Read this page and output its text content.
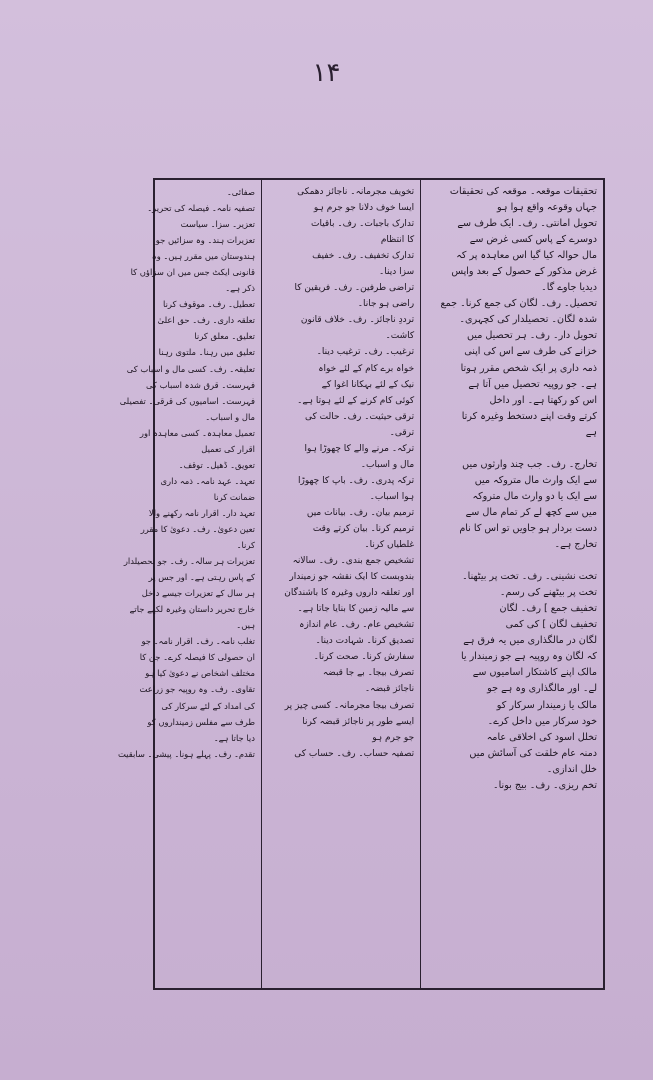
۱۴
تحقیقات موقعہ۔ موقعہ کی تحقیقات
جہاں وقوعہ واقع ہوا ہو
تحویل امانتی۔ رف۔ ایک طرف سے
دوسرے کے پاس کسی غرض سے
مال حوالہ کیا گیا اس معاہدہ پر کہ
غرض مذکور کے حصول کے بعد واپس
دیدیا جاوے گا۔
تحصیل۔ رف۔ لگان کی جمع کرنا۔ جمع
شدہ لگان۔ تحصیلدار کی کچہری۔
تحویل دار۔ رف۔ ہر تحصیل میں
خزانے کی طرف سے اس کی اپنی
ذمہ داری پر ایک شخص مقرر ہوتا
ہے۔ جو روپیہ تحصیل میں آتا ہے
اس کو رکھتا ہے۔ اور داخل
کرتے وقت اپنے دستخط وغیرہ کرتا
ہے

تخارج۔ رف۔ جب چند وارثوں میں
سے ایک وارث مال متروکہ میں
سے ایک یا دو وارث مال متروکہ
میں سے کچھ لے کر تمام مال سے
دست بردار ہو جاویں تو اس کا نام
تخارج ہے۔

تخت نشینی۔ رف۔ تخت پر بیٹھنا۔
تخت پر بیٹھنے کی رسم۔
تخفیف جمع ] رف۔ لگان
تخفیف لگان ] کی کمی
لگان در مالگذاری میں یہ فرق ہے
کہ لگان وہ روپیہ ہے جو زمیندار یا
مالک اپنے کاشتکار اسامیوں سے
لے۔ اور مالگذاری وہ ہے جو
مالک یا زمیندار سرکار کو
خود سرکار میں داخل کرے۔
تخلل اسود کی اخلاقی عامہ
دمنہ عام خلقت کی آسائش میں
خلل اندازی۔
تخم ریزی۔ رف۔ بیج بونا۔
تخویف مجرمانہ۔ ناجائز دھمکی
ایسا خوف دلانا جو جرم ہو
تدارک باجبات۔ رف۔ باقیات
کا انتظام
تدارک تخفیف۔ رف۔ خفیف
سزا دینا۔
تراضی طرفین۔ رف۔ فریقین کا
راضی ہو جانا۔
ترددِ ناجائز۔ رف۔ خلاف قانون
کاشت۔
ترغیب۔ رف۔ ترغیب دینا۔
خواہ برے کام کے لئے خواہ
نیک کے لئے بہکانا اغوا کے
کوئی کام کرنے کے لئے ہوتا ہے۔
ترقی حیثیت۔ رف۔ حالت کی
ترقی۔
ترکہ۔ مرنے والے کا چھوڑا ہوا
مال و اسباب۔
ترکہ پدری۔ رف۔ باپ کا چھوڑا
ہوا اسباب۔
ترمیم بیان۔ رف۔ بیانات میں
ترمیم کرنا۔ بیان کرتے وقت
غلطیاں کرنا۔
تشخیص جمع بندی۔ رف۔ سالانہ
بندوبست کا ایک نقشہ جو زمیندار
اور تعلقہ داروں وغیرہ کا باشندگان
سے مالیہ زمین کا بنایا جاتا ہے۔
تشخیص عام۔ رف۔ عام اندازہ
تصدیق کرنا۔ شہادت دینا۔
سفارش کرنا۔ صحت کرنا۔
تصرف بیجا۔ بے جا قبضہ
ناجائز قبضہ۔
تصرف بیجا مجرمانہ۔ کسی چیز پر
ایسے طور پر ناجائز قبضہ کرنا
جو جرم ہو
تصفیہ حساب۔ رف۔ حساب کی
صفائی۔
تصفیہ نامہ۔ فیصلہ کی تحریر۔
تعزیر۔ سزا۔ سیاست
تعزیرات ہند۔ وہ سزائیں جو
ہندوستان میں مقرر ہیں۔ وہ
قانونی ایکٹ جس میں ان سزاؤں کا
ذکر ہے۔
تعطیل۔ رف۔ موقوف کرنا
تعلقہ داری۔ رف۔ حق اعلیٰ
تعلیق۔ معلق کرنا
تعلیق میں رہنا۔ ملتوی رہنا
تعلیقہ۔ رف۔ کسی مال و اسباب کی
فہرست۔ قرق شدہ اسباب کی
فہرست۔ اسامیوں کی قرقی۔ تفصیلی
مال و اسباب۔
تعمیل معاہدہ۔ کسی معاہدہ اور
اقرار کی تعمیل
تعویق۔ ڈھیل۔ توقف۔
تعہد۔ عہد نامہ۔ ذمہ داری
ضمانت کرنا
تعہد دار۔ اقرار نامہ رکھنے والا
تعین دعویٰ۔ رف۔ دعویٰ کا مقرر
کرنا۔
تعزیرات ہر سالہ۔ رف۔ جو تحصیلدار
کے پاس رہتی ہے۔ اور جس پر
ہر سال کے تعزیرات جیسے داخل
خارج تحریر داستان وغیرہ لکھے جاتے
ہیں۔
تغلب نامہ۔ رف۔ اقرار نامہ۔ جو
ان حصولی کا فیصلہ کرے۔ جن کا
مختلف اشخاص نے دعویٰ کیا ہو
تقاوی۔ رف۔ وہ روپیہ جو زراعت
کی امداد کے لئے سرکار کی
طرف سے مفلس زمینداروں کو
دیا جاتا ہے۔
تقدم۔ رف۔ پہلے ہونا۔ پیشی۔ سابقیت
